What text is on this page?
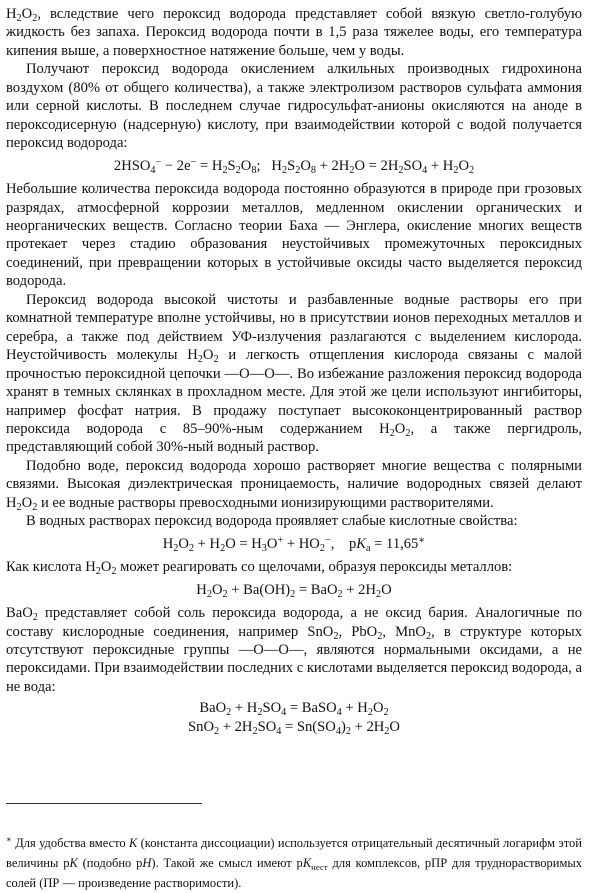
$H_2O_2$, вследствие чего пероксид водорода представляет собой вязкую светло-голубую жидкость без запаха. Пероксид водорода почти в 1,5 раза тяжелее воды, его температура кипения выше, а поверхностное натяжение больше, чем у воды.

Получают пероксид водорода окислением алкильных производных гидрохинона воздухом (80% от общего количества), а также электролизом растворов сульфата аммония или серной кислоты. В последнем случае гидросульфат-анионы окисляются на аноде в пероксодисерную (надсерную) кислоту, при взаимодействии которой с водой получается пероксид водорода:

$2HSO_4^- - 2e^- = H_2S_2O_8$;   $H_2S_2O_8 + 2H_2O = 2H_2SO_4 + H_2O_2$

Небольшие количества пероксида водорода постоянно образуются в природе при грозовых разрядах, атмосферной коррозии металлов, медленном окислении органических и неорганических веществ. Согласно теории Баха — Энглера, окисление многих веществ протекает через стадию образования неустойчивых промежуточных пероксидных соединений, при превращении которых в устойчивые оксиды часто выделяется пероксид водорода.

Пероксид водорода высокой чистоты и разбавленные водные растворы его при комнатной температуре вполне устойчивы, но в присутствии ионов переходных металлов и серебра, а также под действием УФ-излучения разлагаются с выделением кислорода. Неустойчивость молекулы $H_2O_2$ и легкость отщепления кислорода связаны с малой прочностью пероксидной цепочки —O—O—. Во избежание разложения пероксид водорода хранят в темных склянках в прохладном месте. Для этой же цели используют ингибиторы, например фосфат натрия. В продажу поступает высококонцентрированный раствор пероксида водорода с 85–90%-ным содержанием $H_2O_2$, а также пергидроль, представляющий собой 30%-ный водный раствор.

Подобно воде, пероксид водорода хорошо растворяет многие вещества с полярными связями. Высокая диэлектрическая проницаемость, наличие водородных связей делают $H_2O_2$ и ее водные растворы превосходными ионизирующими растворителями.

В водных растворах пероксид водорода проявляет слабые кислотные свойства:

$H_2O_2 + H_2O = H_3O^+ + HO_2^-$,    $pK_a = 11,65^∗$

Как кислота $H_2O_2$ может реагировать со щелочами, образуя пероксиды металлов:

$H_2O_2 + Ba(OH)_2 = BaO_2 + 2H_2O$

BaO$_2$ представляет собой соль пероксида водорода, а не оксид бария. Аналогичные по составу кислородные соединения, например SnO$_2$, PbO$_2$, MnO$_2$, в структуре которых отсутствуют пероксидные группы —O—O—, являются нормальными оксидами, а не пероксидами. При взаимодействии последних с кислотами выделяется пероксид водорода, а не вода:

$BaO_2 + H_2SO_4$ = BaSO$_4$ + $H_2O_2$
$SnO_2 + 2H_2SO_4 = Sn(SO_4)_2 + 2H_2O$

∗ Для удобства вместо K (константа диссоциации) используется отрицательный десятичный логарифм этой величины pK (подобно pH). Такой же смысл имеют $pK_{нест}$ для комплексов, pПР для труднорастворимых солей (ПР — произведение растворимости).
